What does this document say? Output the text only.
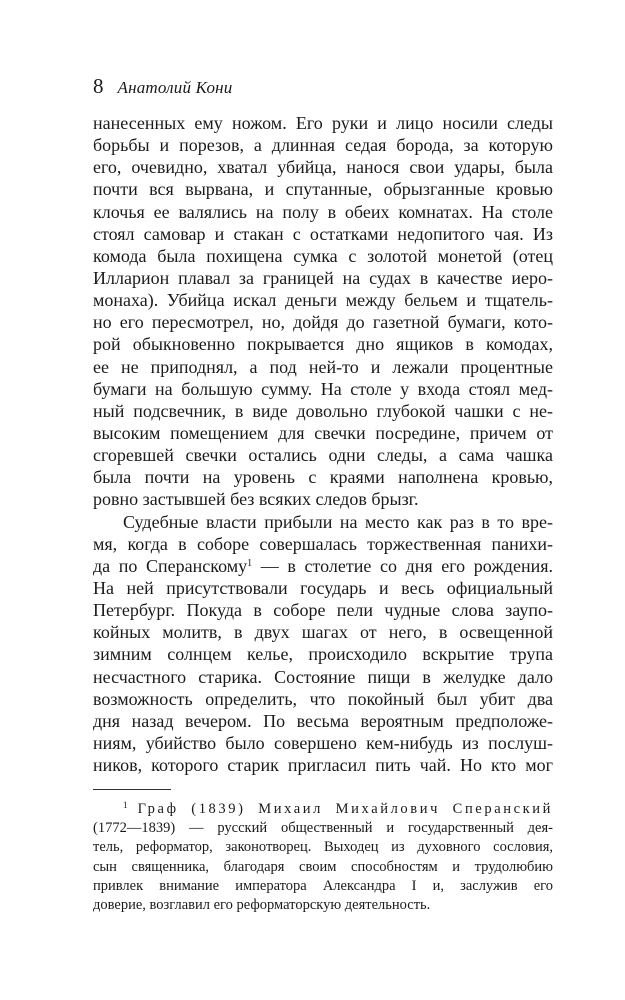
8 Анатолий Кони
нанесенных ему ножом. Его руки и лицо носили следы
борьбы и порезов, а длинная седая борода, за которую
его, очевидно, хватал убийца, нанося свои удары, была
почти вся вырвана, и спутанные, обрызганные кровью
клочья ее валялись на полу в обеих комнатах. На столе
стоял самовар и стакан с остатками недопитого чая. Из
комода была похищена сумка с золотой монетой (отец
Илларион плавал за границей на судах в качестве иеро-
монаха). Убийца искал деньги между бельем и тщатель-
но его пересмотрел, но, дойдя до газетной бумаги, кото-
рой обыкновенно покрывается дно ящиков в комодах,
ее не приподнял, а под ней-то и лежали процентные
бумаги на большую сумму. На столе у входа стоял мед-
ный подсвечник, в виде довольно глубокой чашки с не-
высоким помещением для свечки посредине, причем от
сгоревшей свечки остались одни следы, а сама чашка
была почти на уровень с краями наполнена кровью,
ровно застывшей без всяких следов брызг.
Судебные власти прибыли на место как раз в то вре-
мя, когда в соборе совершалась торжественная панихи-
да по Сперанскому$^1$ — в столетие со дня его рождения.
На ней присутствовали государь и весь официальный
Петербург. Покуда в соборе пели чудные слова заупо-
койных молитв, в двух шагах от него, в освещенной
зимним солнцем келье, происходило вскрытие трупа
несчастного старика. Состояние пищи в желудке дало
возможность определить, что покойный был убит два
дня назад вечером. По весьма вероятным предположе-
ниям, убийство было совершено кем-нибудь из послуш-
ников, которого старик пригласил пить чай. Но кто мог
$^1$ Граф (1839) Михаил Михайлович Сперанский
(1772—1839) — русский общественный и государственный дея-
тель, реформатор, законотворец. Выходец из духовного сословия,
сын священника, благодаря своим способностям и трудолюбию
привлек внимание императора Александра I и, заслужив его
доверие, возглавил его реформаторскую деятельность.
